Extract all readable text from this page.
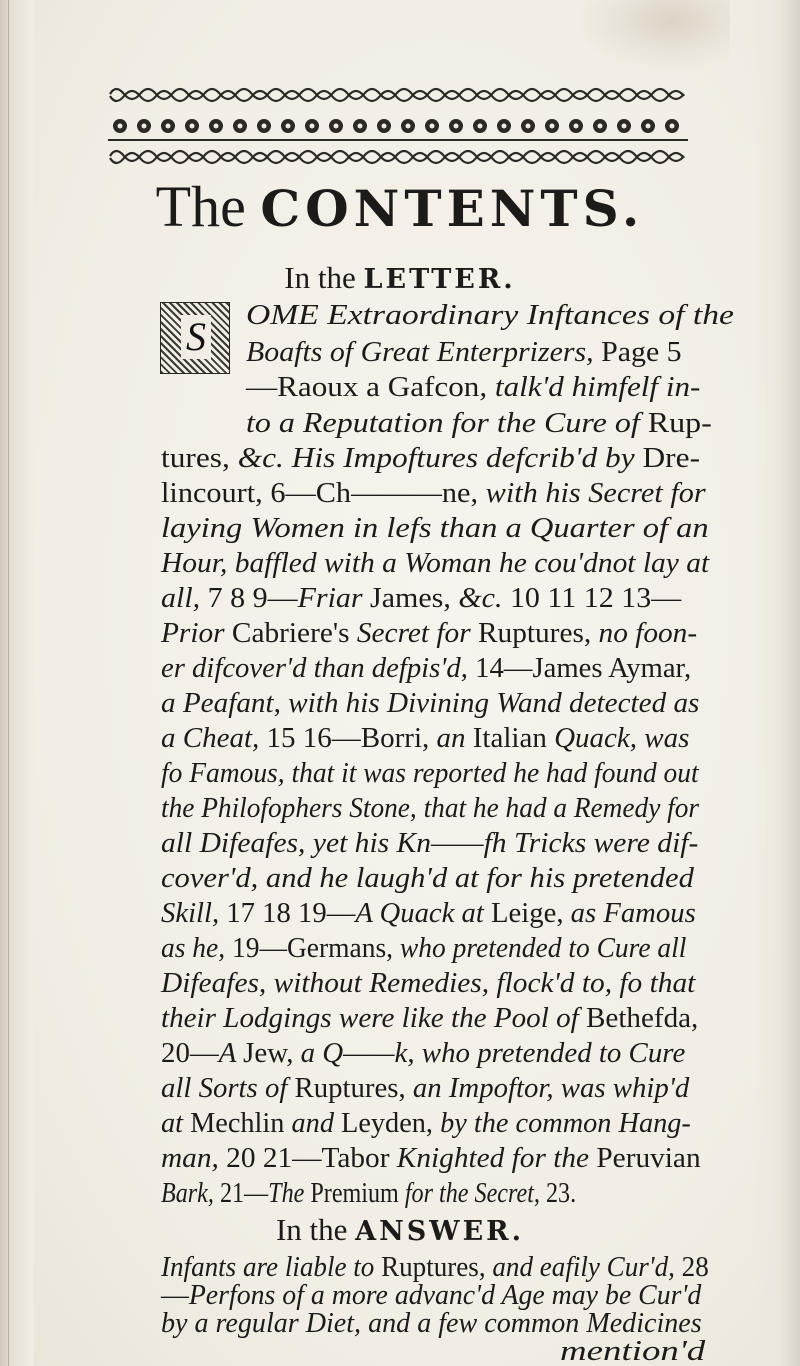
The CONTENTS.
In the LETTER.
S OME Extraordinary Inftances of the
Boafts of Great Enterprizers, Page 5
—Raoux a Gafcon, talk'd himfelf in-
to a Reputation for the Cure of Rup-
tures, &c. His Impoftures defcrib'd by Dre-
lincourt, 6—Ch———ne, with his Secret for
laying Women in lefs than a Quarter of an
Hour, baffled with a Woman he cou'dnot lay at
all, 7 8 9—Friar James, &c. 10 11 12 13—
Prior Cabriere's Secret for Ruptures, no foon-
er difcover'd than defpis'd, 14—James Aymar,
a Peafant, with his Divining Wand detected as
a Cheat, 15 16—Borri, an Italian Quack, was
fo Famous, that it was reported he had found out
the Philofophers Stone, that he had a Remedy for
all Difeafes, yet his Kn——fh Tricks were dif-
cover'd, and he laugh'd at for his pretended
Skill, 17 18 19—A Quack at Leige, as Famous
as he, 19—Germans, who pretended to Cure all
Difeafes, without Remedies, flock'd to, fo that
their Lodgings were like the Pool of Bethefda,
20—A Jew, a Q——k, who pretended to Cure
all Sorts of Ruptures, an Impoftor, was whip'd
at Mechlin and Leyden, by the common Hang-
man, 20 21—Tabor Knighted for the Peruvian
Bark, 21—The Premium for the Secret, 23.
In the ANSWER.
Infants are liable to Ruptures, and eafily Cur'd, 28
—Perfons of a more advanc'd Age may be Cur'd
by a regular Diet, and a few common Medicines
mention'd
